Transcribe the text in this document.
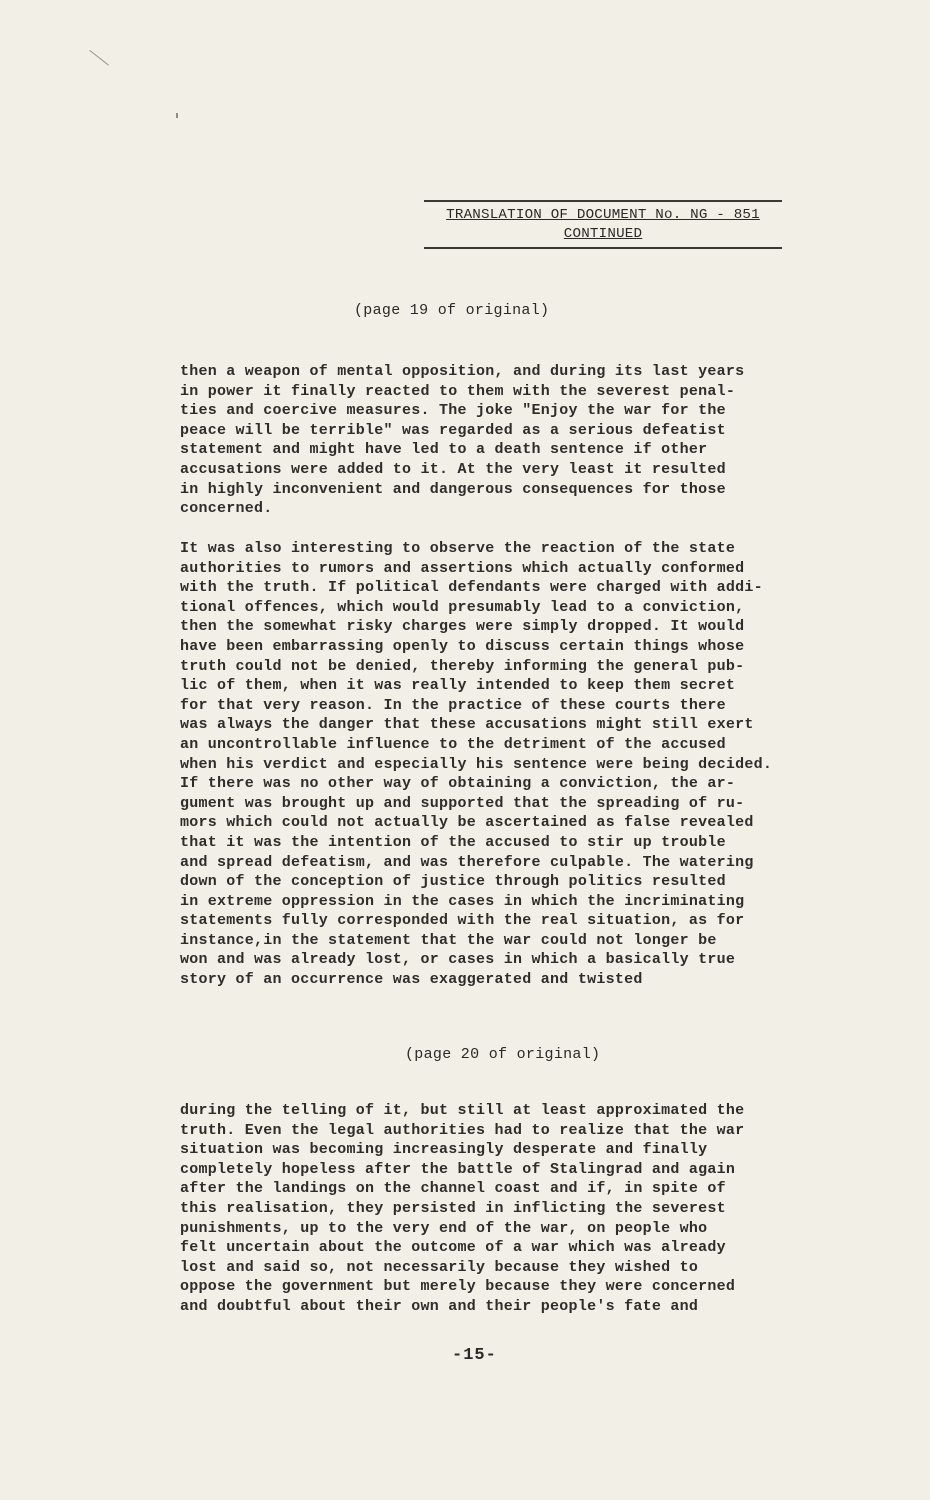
TRANSLATION OF DOCUMENT No. NG - 851
CONTINUED
(page 19 of original)
then a weapon of mental opposition, and during its last years
in power it finally reacted to them with the severest penal-
ties and coercive measures. The joke "Enjoy the war for the
peace will be terrible" was regarded as a serious defeatist
statement and might have led to a death sentence if other
accusations were added to it. At the very least it resulted
in highly inconvenient and dangerous consequences for those
concerned.
It was also interesting to observe the reaction of the state
authorities to rumors and assertions which actually conformed
with the truth. If political defendants were charged with addi-
tional offences, which would presumably lead to a conviction,
then the somewhat risky charges were simply dropped. It would
have been embarrassing openly to discuss certain things whose
truth could not be denied, thereby informing the general pub-
lic of them, when it was really intended to keep them secret
for that very reason. In the practice of these courts there
was always the danger that these accusations might still exert
an uncontrollable influence to the detriment of the accused
when his verdict and especially his sentence were being decided.
If there was no other way of obtaining a conviction, the ar-
gument was brought up and supported that the spreading of ru-
mors which could not actually be ascertained as false revealed
that it was the intention of the accused to stir up trouble
and spread defeatism, and was therefore culpable. The watering
down of the conception of justice through politics resulted
in extreme oppression in the cases in which the incriminating
statements fully corresponded with the real situation, as for
instance,in the statement that the war could not longer be
won and was already lost, or cases in which a basically true
story of an occurrence was exaggerated and twisted
(page 20 of original)
during the telling of it, but still at least approximated the
truth. Even the legal authorities had to realize that the war
situation was becoming increasingly desperate and finally
completely hopeless after the battle of Stalingrad and again
after the landings on the channel coast and if, in spite of
this realisation, they persisted in inflicting the severest
punishments, up to the very end of the war, on people who
felt uncertain about the outcome of a war which was already
lost and said so, not necessarily because they wished to
oppose the government but merely because they were concerned
and doubtful about their own and their people's fate and
-15-
